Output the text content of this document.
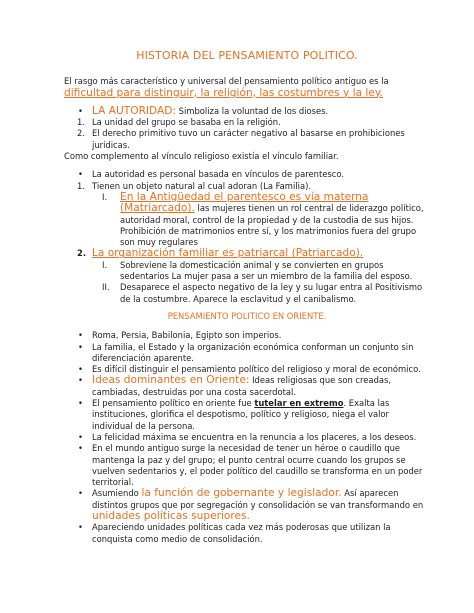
HISTORIA DEL PENSAMIENTO POLITICO.

El rasgo más característico y universal del pensamiento político antiguo es la dificultad para distinguir, la religión, las costumbres y la ley.

• LA AUTORIDAD: Simboliza la voluntad de los dioses.
1. La unidad del grupo se basaba en la religión.
2. El derecho primitivo tuvo un carácter negativo al basarse en prohibiciones jurídicas.

Como complemento al vínculo religioso existía el vínculo familiar.

• La autoridad es personal basada en vínculos de parentesco.
1. Tienen un objeto natural al cual adoran (La Familia).
I. En la Antigüedad el parentesco es vía materna (Matriarcado). las mujeres tienen un rol central de liderazgo político, autoridad moral, control de la propiedad y de la custodia de sus hijos. Prohibición de matrimonios entre sí, y los matrimonios fuera del grupo son muy regulares
2. La organización familiar es patriarcal (Patriarcado).
I. Sobreviene la domesticación animal y se convierten en grupos sedentarios La mujer pasa a ser un miembro de la familia del esposo.
II. Desaparece el aspecto negativo de la ley y su lugar entra al Positivismo de la costumbre. Aparece la esclavitud y el canibalismo.
PENSAMIENTO POLITICO EN ORIENTE.
• Roma, Persia, Babilonia, Egipto son imperios.
• La familia, el Estado y la organización económica conforman un conjunto sin diferenciación aparente.
• Es difícil distinguir el pensamiento político del religioso y moral de económico.
• Ideas dominantes en Oriente: Ideas religiosas que son creadas, cambiadas, destruidas por una costa sacerdotal.
• El pensamiento político en oriente fue tutelar en extremo. Exalta las instituciones, glorifica el despotismo, político y religioso, niega el valor individual de la persona.
• La felicidad máxima se encuentra en la renuncia a los placeres, a los deseos.
• En el mundo antiguo surge la necesidad de tener un héroe o caudillo que mantenga la paz y del grupo; el punto central ocurre cuando los grupos se vuelven sedentarios y, el poder político del caudillo se transforma en un poder territorial.
• Asumiendo la función de gobernante y legislador. Así aparecen distintos grupos que por segregación y consolidación se van transformando en unidades políticas superiores.
• Apareciendo unidades políticas cada vez más poderosas que utilizan la conquista como medio de consolidación.
